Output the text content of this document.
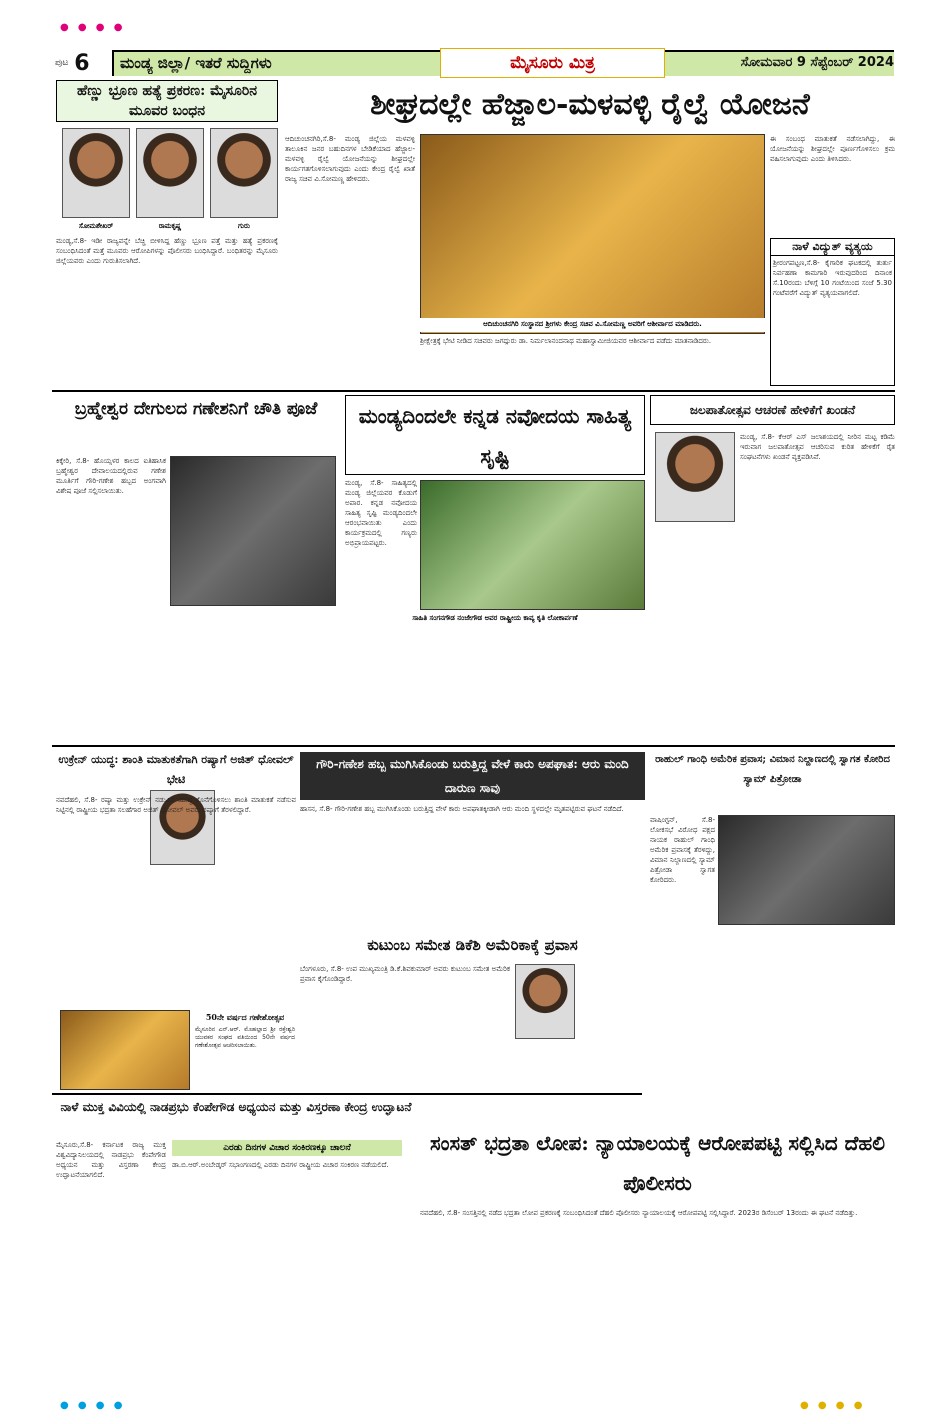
● ● ● ●
● ● ● ●	● ● ● ●
ಪುಟ 6 ಮಂಡ್ಯ ಜಿಲ್ಲಾ/ ಇತರೆ ಸುದ್ದಿಗಳು	ಮೈಸೂರು ಮಿತ್ರ	ಸೋಮವಾರ 9 ಸೆಪ್ಟೆಂಬರ್ 2024
ಹೆಣ್ಣು ಭ್ರೂಣ ಹತ್ಯೆ ಪ್ರಕರಣ: ಮೈಸೂರಿನ ಮೂವರ ಬಂಧನ
ಸೋಮಶೇಖರ್	ರಾಮಕೃಷ್ಣ	ಗುರು
ಮಂಡ್ಯ,ಸೆ.8- ಇಡೀ ರಾಜ್ಯವನ್ನೇ ಬೆಚ್ಚಿ ಬೀಳಿಸಿದ್ದ ಹೆಣ್ಣು ಭ್ರೂಣ ಪತ್ತೆ ಮತ್ತು ಹತ್ಯೆ ಪ್ರಕರಣಕ್ಕೆ ಸಂಬಂಧಿಸಿದಂತೆ ಮತ್ತೆ ಮೂವರು ಆರೋಪಿಗಳನ್ನು ಪೊಲೀಸರು ಬಂಧಿಸಿದ್ದಾರೆ. ಬಂಧಿತರನ್ನು ಮೈಸೂರು ಜಿಲ್ಲೆಯವರು ಎಂದು ಗುರುತಿಸಲಾಗಿದೆ.
ಶೀಘ್ರದಲ್ಲೇ ಹೆಜ್ಜಾಲ-ಮಳವಳ್ಳಿ ರೈಲ್ವೆ ಯೋಜನೆ
ಆದಿಚುಂಚನಗಿರಿ,ಸೆ.8- ಮಂಡ್ಯ ಜಿಲ್ಲೆಯ ಮಳವಳ್ಳಿ ತಾಲೂಕಿನ ಜನರ ಬಹುದಿನಗಳ ಬೇಡಿಕೆಯಾದ ಹೆಜ್ಜಾಲ-ಮಳವಳ್ಳಿ ರೈಲ್ವೆ ಯೋಜನೆಯನ್ನು ಶೀಘ್ರದಲ್ಲೇ ಕಾರ್ಯಗತಗೊಳಿಸಲಾಗುವುದು ಎಂದು ಕೇಂದ್ರ ರೈಲ್ವೆ ಖಾತೆ ರಾಜ್ಯ ಸಚಿವ ವಿ.ಸೋಮಣ್ಣ ಹೇಳಿದರು.
ಆದಿಚುಂಚನಗಿರಿ ಸಂಸ್ಥಾನದ ಶ್ರೀಗಳು ಕೇಂದ್ರ ಸಚಿವ ವಿ.ಸೋಮಣ್ಣ ಅವರಿಗೆ ಆಶೀರ್ವಾದ ಮಾಡಿದರು.
ಶ್ರೀಕ್ಷೇತ್ರಕ್ಕೆ ಭೇಟಿ ನೀಡಿದ ಸಚಿವರು ಜಗದ್ಗುರು ಡಾ. ನಿರ್ಮಲಾನಂದನಾಥ ಮಹಾಸ್ವಾಮೀಜಿಯವರ ಆಶೀರ್ವಾದ ಪಡೆದು ಮಾತನಾಡಿದರು.
ಈ ಸಂಬಂಧ ಮಾತುಕತೆ ನಡೆಸಲಾಗಿದ್ದು, ಈ ಯೋಜನೆಯನ್ನು ಶೀಘ್ರದಲ್ಲೇ ಪೂರ್ಣಗೊಳಿಸಲು ಕ್ರಮ ವಹಿಸಲಾಗುವುದು ಎಂದು ತಿಳಿಸಿದರು.
ನಾಳೆ ವಿದ್ಯುತ್ ವ್ಯತ್ಯಯ
ಶ್ರೀರಂಗಪಟ್ಟಣ,ಸೆ.8- ಕೈಗಾರಿಕ ಘಟಕದಲ್ಲಿ ತುರ್ತು ನಿರ್ವಹಣಾ ಕಾಮಗಾರಿ ಇರುವುದರಿಂದ ದಿನಾಂಕ ಸೆ.10ರಂದು ಬೆಳಿಗ್ಗೆ 10 ಗಂಟೆಯಿಂದ ಸಂಜೆ 5.30 ಗಂಟೆವರೆಗೆ ವಿದ್ಯುತ್ ವ್ಯತ್ಯಯವಾಗಲಿದೆ.
ಬ್ರಹ್ಮೇಶ್ವರ ದೇಗುಲದ ಗಣೇಶನಿಗೆ ಚೌತಿ ಪೂಜೆ
ಕಿಕ್ಕೇರಿ, ಸೆ.8- ಹೊಯ್ಸಳರ ಕಾಲದ ಐತಿಹಾಸಿಕ ಬ್ರಹ್ಮೇಶ್ವರ ದೇವಾಲಯದಲ್ಲಿರುವ ಗಣೇಶ ಮೂರ್ತಿಗೆ ಗೌರಿ-ಗಣೇಶ ಹಬ್ಬದ ಅಂಗವಾಗಿ ವಿಶೇಷ ಪೂಜೆ ಸಲ್ಲಿಸಲಾಯಿತು.
ಮಂಡ್ಯದಿಂದಲೇ ಕನ್ನಡ ನವೋದಯ ಸಾಹಿತ್ಯ ಸೃಷ್ಟಿ
ಮಂಡ್ಯ, ಸೆ.8- ಸಾಹಿತ್ಯದಲ್ಲಿ ಮಂಡ್ಯ ಜಿಲ್ಲೆಯವರ ಕೊಡುಗೆ ಅಪಾರ. ಕನ್ನಡ ನವೋದಯ ಸಾಹಿತ್ಯ ಸೃಷ್ಟಿ ಮಂಡ್ಯದಿಂದಲೇ ಆರಂಭವಾಯಿತು ಎಂದು ಕಾರ್ಯಕ್ರಮದಲ್ಲಿ ಗಣ್ಯರು ಅಭಿಪ್ರಾಯಪಟ್ಟರು.
ಸಾಹಿತಿ ಸಂಗನಗೌಡ ನಂಜೇಗೌಡ ಅವರ ರಾಷ್ಟ್ರೀಯ ಕಾವ್ಯ ಕೃತಿ ಲೋಕಾರ್ಪಣೆ
ಜಲಪಾತೋತ್ಸವ ಆಚರಣೆ ಹೇಳಿಕೆಗೆ ಖಂಡನೆ
ಮಂಡ್ಯ, ಸೆ.8- ಕೆಆರ್ ಎಸ್ ಜಲಾಶಯದಲ್ಲಿ ನೀರಿನ ಮಟ್ಟ ಕಡಿಮೆ ಇರುವಾಗ ಜಲಪಾತೋತ್ಸವ ಆಚರಿಸುವ ಕುರಿತ ಹೇಳಿಕೆಗೆ ರೈತ ಸಂಘಟನೆಗಳು ಖಂಡನೆ ವ್ಯಕ್ತಪಡಿಸಿವೆ.
ಉಕ್ರೇನ್ ಯುದ್ಧ: ಶಾಂತಿ ಮಾತುಕತೆಗಾಗಿ ರಷ್ಯಾಗೆ ಅಜಿತ್ ಧೋವಲ್ ಭೇಟಿ
ನವದೆಹಲಿ, ಸೆ.8- ರಷ್ಯಾ ಮತ್ತು ಉಕ್ರೇನ್ ನಡುವಿನ ಯುದ್ಧ ಕೊನೆಗೊಳಿಸಲು ಶಾಂತಿ ಮಾತುಕತೆ ನಡೆಸುವ ನಿಟ್ಟಿನಲ್ಲಿ ರಾಷ್ಟ್ರೀಯ ಭದ್ರತಾ ಸಲಹೆಗಾರ ಅಜಿತ್ ಧೋವಲ್ ಅವರು ರಷ್ಯಾಗೆ ತೆರಳಲಿದ್ದಾರೆ.
50ನೇ ವರ್ಷದ ಗಣೇಶೋತ್ಸವ
ಮೈಸೂರಿನ ಎನ್.ಆರ್. ಮೊಹಲ್ಲಾದ ಶ್ರೀ ರಕ್ತೇಶ್ವರಿ ಯುವಕರ ಸಂಘದ ವತಿಯಿಂದ 50ನೇ ವರ್ಷದ ಗಣೇಶೋತ್ಸವ ಆಚರಿಸಲಾಯಿತು.
ಗೌರಿ-ಗಣೇಶ ಹಬ್ಬ ಮುಗಿಸಿಕೊಂಡು ಬರುತ್ತಿದ್ದ ವೇಳೆ ಕಾರು ಅಪಘಾತ: ಆರು ಮಂದಿ ದಾರುಣ ಸಾವು
ಹಾಸನ, ಸೆ.8- ಗೌರಿ-ಗಣೇಶ ಹಬ್ಬ ಮುಗಿಸಿಕೊಂಡು ಬರುತ್ತಿದ್ದ ವೇಳೆ ಕಾರು ಅಪಘಾತಕ್ಕೀಡಾಗಿ ಆರು ಮಂದಿ ಸ್ಥಳದಲ್ಲೇ ಮೃತಪಟ್ಟಿರುವ ಘಟನೆ ನಡೆದಿದೆ.
ಕುಟುಂಬ ಸಮೇತ ಡಿಕೆಶಿ ಅಮೆರಿಕಾಕ್ಕೆ ಪ್ರವಾಸ
ಬೆಂಗಳೂರು, ಸೆ.8- ಉಪ ಮುಖ್ಯಮಂತ್ರಿ ಡಿ.ಕೆ.ಶಿವಕುಮಾರ್ ಅವರು ಕುಟುಂಬ ಸಮೇತ ಅಮೆರಿಕ ಪ್ರವಾಸ ಕೈಗೊಂಡಿದ್ದಾರೆ.
ರಾಹುಲ್ ಗಾಂಧಿ ಅಮೆರಿಕ ಪ್ರವಾಸ; ವಿಮಾನ ನಿಲ್ದಾಣದಲ್ಲಿ ಸ್ವಾಗತ ಕೋರಿದ ಸ್ಯಾಮ್ ಪಿತ್ರೋಡಾ
ವಾಷಿಂಗ್ಟನ್, ಸೆ.8- ಲೋಕಸಭೆ ವಿರೋಧ ಪಕ್ಷದ ನಾಯಕ ರಾಹುಲ್ ಗಾಂಧಿ ಅಮೆರಿಕ ಪ್ರವಾಸಕ್ಕೆ ತೆರಳಿದ್ದು, ವಿಮಾನ ನಿಲ್ದಾಣದಲ್ಲಿ ಸ್ಯಾಮ್ ಪಿತ್ರೋಡಾ ಸ್ವಾಗತ ಕೋರಿದರು.
ನಾಳೆ ಮುಕ್ತ ವಿವಿಯಲ್ಲಿ ನಾಡಪ್ರಭು ಕೆಂಪೇಗೌಡ ಅಧ್ಯಯನ ಮತ್ತು ವಿಸ್ತರಣಾ ಕೇಂದ್ರ ಉದ್ಘಾಟನೆ
ಮೈಸೂರು,ಸೆ.8- ಕರ್ನಾಟಕ ರಾಜ್ಯ ಮುಕ್ತ ವಿಶ್ವವಿದ್ಯಾನಿಲಯದಲ್ಲಿ ನಾಡಪ್ರಭು ಕೆಂಪೇಗೌಡ ಅಧ್ಯಯನ ಮತ್ತು ವಿಸ್ತರಣಾ ಕೇಂದ್ರ ಉದ್ಘಾಟನೆಯಾಗಲಿದೆ.
ಎರಡು ದಿನಗಳ ವಿಚಾರ ಸಂಕಿರಣಕ್ಕೂ ಚಾಲನೆ
ಡಾ.ಬಿ.ಆರ್.ಅಂಬೇಡ್ಕರ್ ಸಭಾಂಗಣದಲ್ಲಿ ಎರಡು ದಿನಗಳ ರಾಷ್ಟ್ರೀಯ ವಿಚಾರ ಸಂಕಿರಣ ನಡೆಯಲಿದೆ.
ಸಂಸತ್ ಭದ್ರತಾ ಲೋಪ: ನ್ಯಾಯಾಲಯಕ್ಕೆ ಆರೋಪಪಟ್ಟಿ ಸಲ್ಲಿಸಿದ ದೆಹಲಿ ಪೊಲೀಸರು
ನವದೆಹಲಿ, ಸೆ.8- ಸಂಸತ್ತಿನಲ್ಲಿ ನಡೆದ ಭದ್ರತಾ ಲೋಪ ಪ್ರಕರಣಕ್ಕೆ ಸಂಬಂಧಿಸಿದಂತೆ ದೆಹಲಿ ಪೊಲೀಸರು ನ್ಯಾಯಾಲಯಕ್ಕೆ ಆರೋಪಪಟ್ಟಿ ಸಲ್ಲಿಸಿದ್ದಾರೆ. 2023ರ ಡಿಸೆಂಬರ್ 13ರಂದು ಈ ಘಟನೆ ನಡೆದಿತ್ತು.
